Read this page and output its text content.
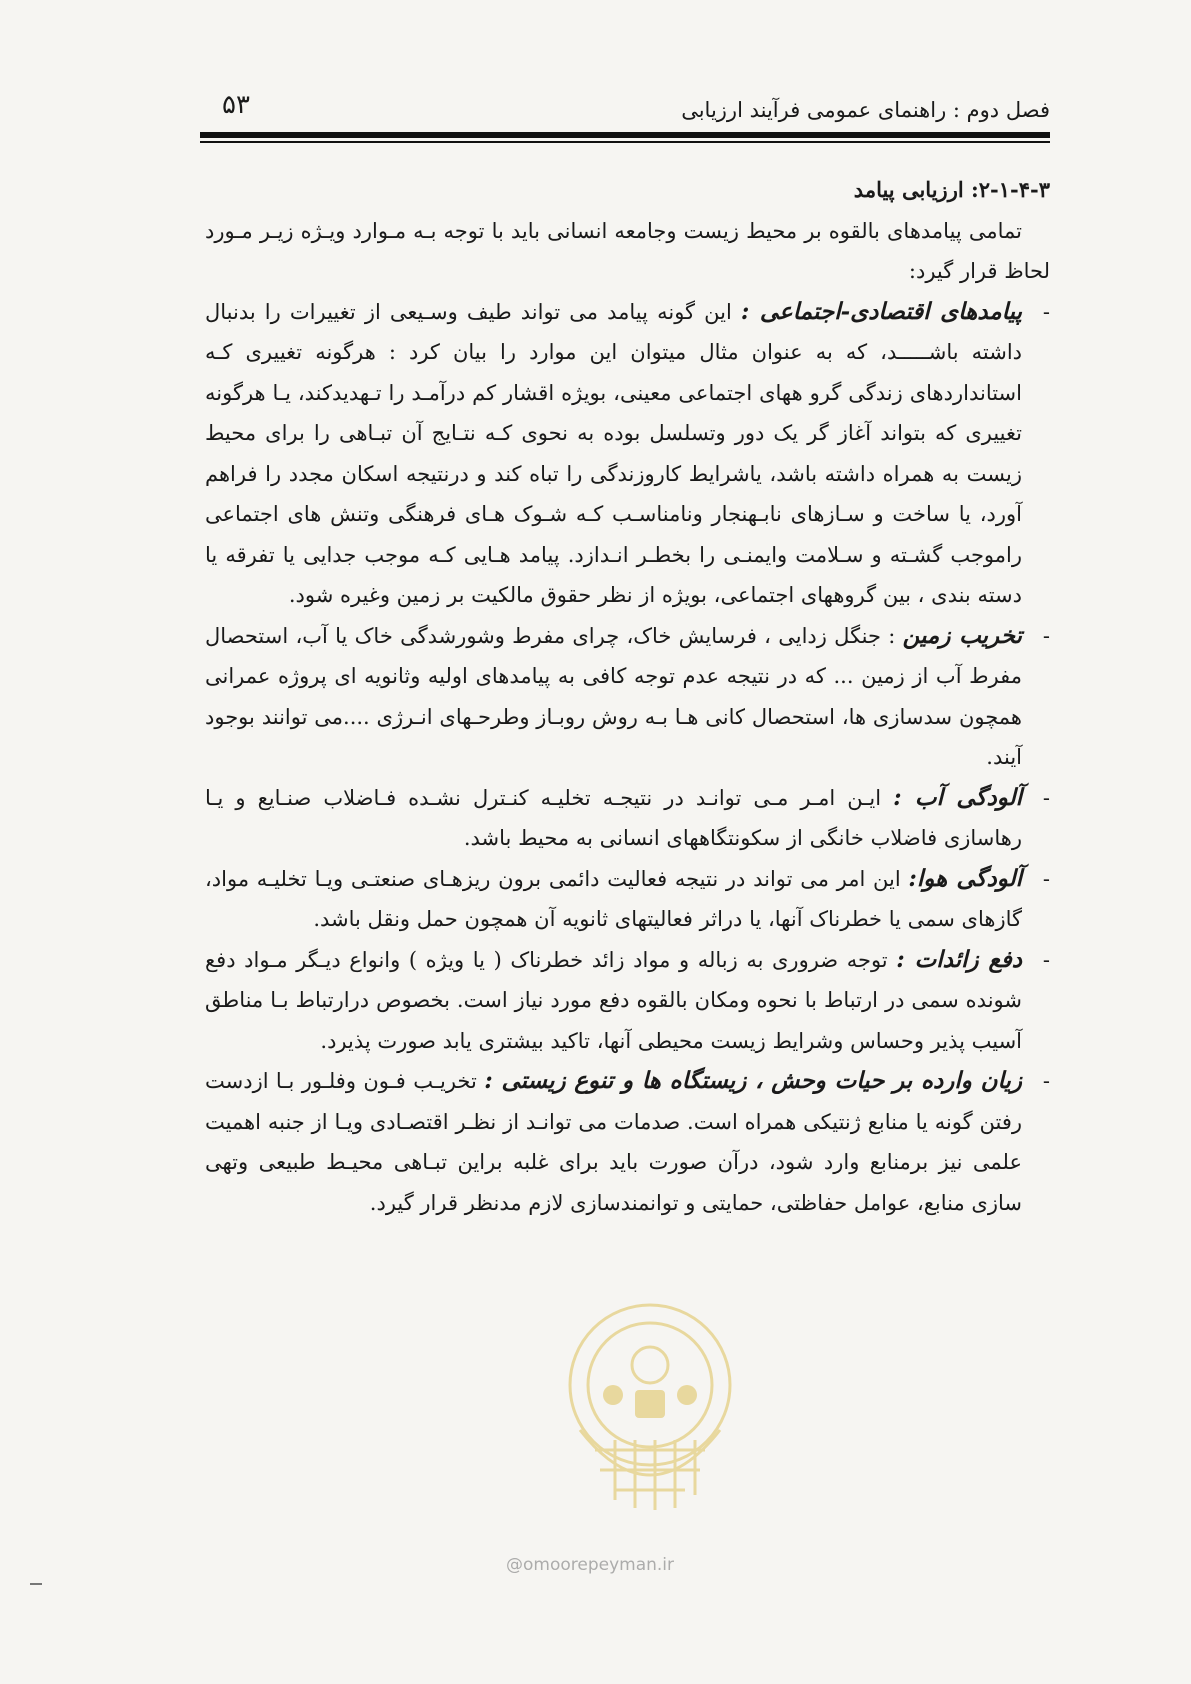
۵۳	فصل دوم : راهنمای عمومی فرآیند ارزیابی

۲-۱-۴-۳: ارزیابی پیامد

تمامی پیامدهای بالقوه بر محیط زیست وجامعه انسانی باید با توجه بـه مـوارد ویـژه زیـر مـورد لحاظ قرار گیرد:

-
پیامدهای اقتصادی-اجتماعی : این گونه پیامد می تواند طیف وسـیعی از تغییرات را بدنبال داشته باشـــــد، که به عنوان مثال میتوان این موارد را بیان کرد : هرگونه تغییری کـه استانداردهای زندگی گرو ههای اجتماعی معینی، بویژه اقشار کم درآمـد را تـهدیدکند، یـا هرگونه تغییری که بتواند آغاز گر یک دور وتسلسل بوده به نحوی کـه نتـایج آن تبـاهی را برای محیط زیست به همراه داشته باشد، یاشرایط کاروزندگی را تباه کند و درنتیجه اسکان مجدد را فراهم آورد، یا ساخت و سـازهای نابـهنجار ونامناسـب کـه شـوک هـای فرهنگی وتنش های اجتماعی راموجب گشـته و سـلامت وایمنـی را بخطـر انـدازد. پیامد هـایی کـه موجب جدایی یا تفرقه یا دسته بندی ، بین گروههای اجتماعی، بویژه از نظر حقوق مالکیت بر زمین وغیره شود.

-
تخریب زمین : جنگل زدایی ، فرسایش خاک، چرای مفرط وشورشدگی خاک یا آب، استحصال مفرط آب از زمین ... که در نتیجه عدم توجه کافی به پیامدهای اولیه وثانویه ای پروژه عمرانی همچون سدسازی ها، استحصال کانی هـا بـه روش روبـاز وطرحـهای انـرژی ....می توانند بوجود آیند.

-
آلودگی آب : ایـن امـر مـی توانـد در نتیجـه تخلیـه کنـترل نشـده فـاضلاب صنـایع و یـا رهاسازی فاضلاب خانگی از سکونتگاههای انسانی به محیط باشد.

-
آلودگی هوا: این امر می تواند در نتیجه فعالیت دائمی برون ریزهـای صنعتـی ویـا تخلیـه مواد، گازهای سمی یا خطرناک آنها، یا دراثر فعالیتهای ثانویه آن همچون حمل ونقل باشد.

-
دفع زائدات : توجه ضروری به زباله و مواد زائد خطرناک ( یا ویژه ) وانواع دیـگر مـواد دفع شونده سمی در ارتباط با نحوه ومکان بالقوه دفع مورد نیاز است. بخصوص درارتباط بـا مناطق آسیب پذیر وحساس وشرایط زیست محیطی آنها، تاکید بیشتری یابد صورت پذیرد.

-
زیان وارده بر حیات وحش ، زیستگاه ها و تنوع زیستی : تخریـب فـون وفلـور بـا ازدست رفتن گونه یا منابع ژنتیکی همراه است. صدمات می توانـد از نظـر اقتصـادی ویـا از جنبه اهمیت علمی نیز برمنابع وارد شود، درآن صورت باید برای غلبه براین تبـاهی محیـط طبیعی وتهی سازی منابع، عوامل حفاظتی، حمایتی و توانمندسازی لازم مدنظر قرار گیرد.

@omoorepeyman.ir
